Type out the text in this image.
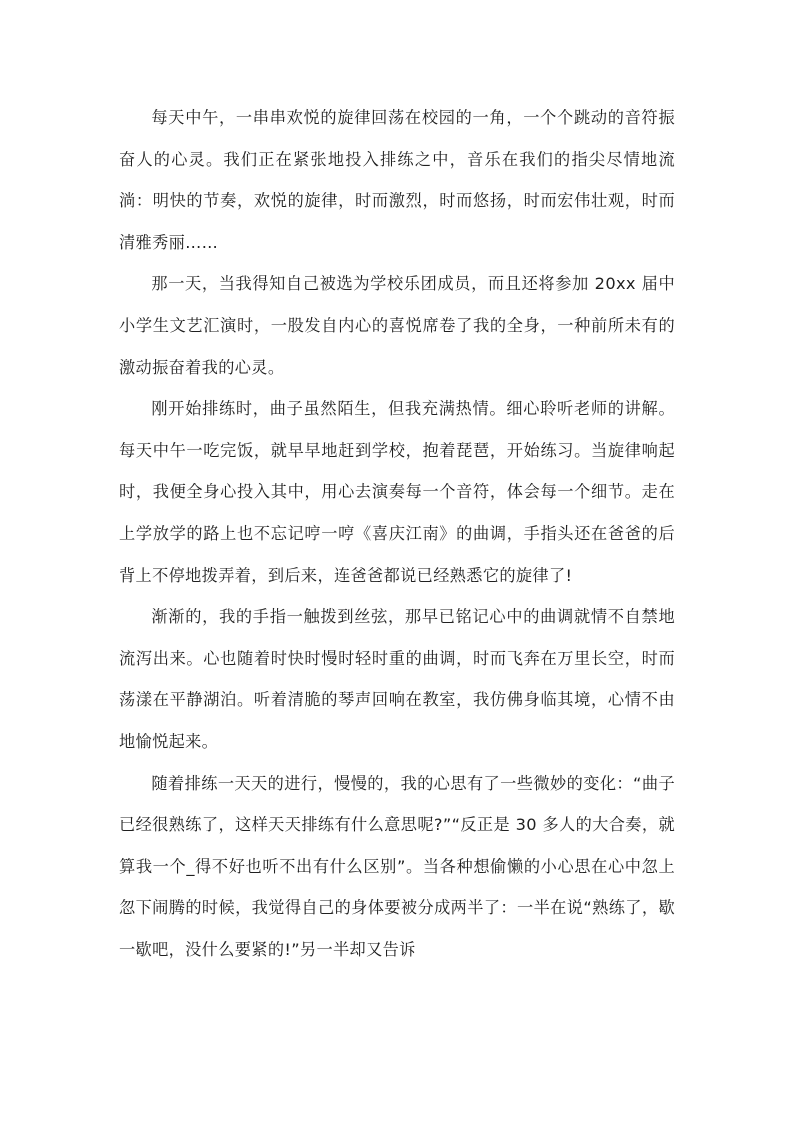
每天中午，一串串欢悦的旋律回荡在校园的一角，一个个跳动的音符振奋人的心灵。我们正在紧张地投入排练之中，音乐在我们的指尖尽情地流淌：明快的节奏，欢悦的旋律，时而激烈，时而悠扬，时而宏伟壮观，时而清雅秀丽……

那一天，当我得知自己被选为学校乐团成员，而且还将参加 20xx 届中小学生文艺汇演时，一股发自内心的喜悦席卷了我的全身，一种前所未有的激动振奋着我的心灵。

刚开始排练时，曲子虽然陌生，但我充满热情。细心聆听老师的讲解。每天中午一吃完饭，就早早地赶到学校，抱着琵琶，开始练习。当旋律响起时，我便全身心投入其中，用心去演奏每一个音符，体会每一个细节。走在上学放学的路上也不忘记哼一哼《喜庆江南》的曲调，手指头还在爸爸的后背上不停地拨弄着，到后来，连爸爸都说已经熟悉它的旋律了!

渐渐的，我的手指一触拨到丝弦，那早已铭记心中的曲调就情不自禁地流泻出来。心也随着时快时慢时轻时重的曲调，时而飞奔在万里长空，时而荡漾在平静湖泊。听着清脆的琴声回响在教室，我仿佛身临其境，心情不由地愉悦起来。

随着排练一天天的进行，慢慢的，我的心思有了一些微妙的变化：“曲子已经很熟练了，这样天天排练有什么意思呢?”“反正是 30 多人的大合奏，就算我一个_得不好也听不出有什么区别”。当各种想偷懒的小心思在心中忽上忽下闹腾的时候，我觉得自己的身体要被分成两半了：一半在说“熟练了，歇一歇吧，没什么要紧的!”另一半却又告诉
